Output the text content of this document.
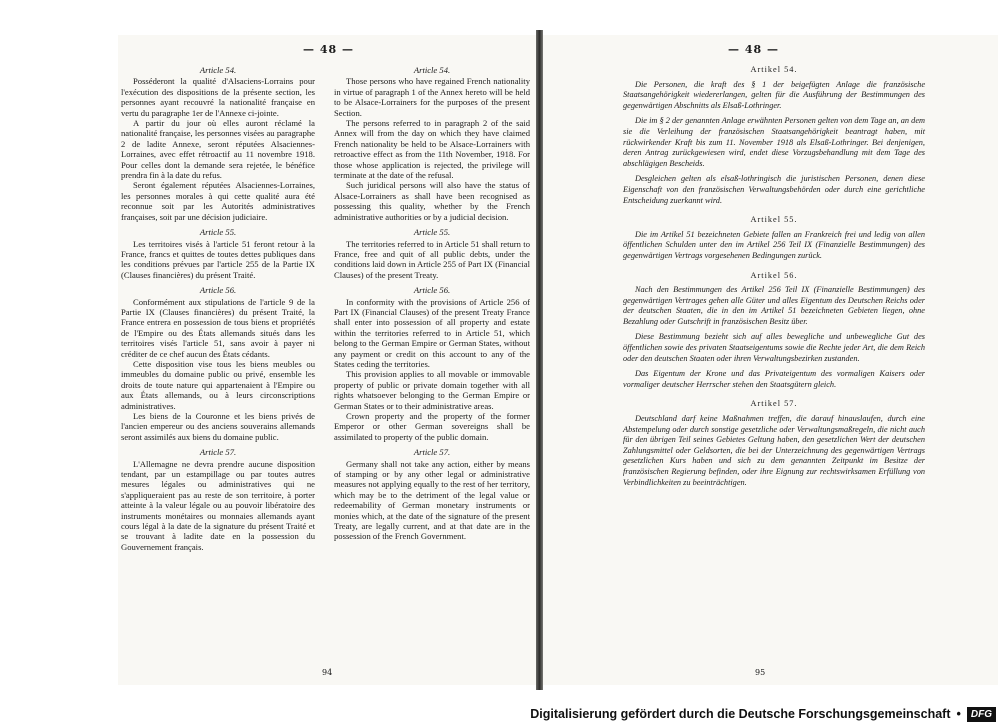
— 48 —

Article 54.

Posséderont la qualité d'Alsaciens-Lorrains pour l'exécution des dispositions de la présente section, les personnes ayant recouvré la nationalité française en vertu du paragraphe 1er de l'Annexe ci-jointe.

A partir du jour où elles auront réclamé la nationalité française, les personnes visées au paragraphe 2 de ladite Annexe, seront réputées Alsaciennes-Lorraines, avec effet rétroactif au 11 novembre 1918. Pour celles dont la demande sera rejetée, le bénéfice prendra fin à la date du refus.

Seront également réputées Alsaciennes-Lorraines, les personnes morales à qui cette qualité aura été reconnue soit par les Autorités administratives françaises, soit par une décision judiciaire.

Article 55.

Les territoires visés à l'article 51 feront retour à la France, francs et quittes de toutes dettes publiques dans les conditions prévues par l'article 255 de la Partie IX (Clauses financières) du présent Traité.

Article 56.

Conformément aux stipulations de l'article 9 de la Partie IX (Clauses financières) du présent Traité, la France entrera en possession de tous biens et propriétés de l'Empire ou des États allemands situés dans les territoires visés l'article 51, sans avoir à payer ni créditer de ce chef aucun des États cédants.

Cette disposition vise tous les biens meubles ou immeubles du domaine public ou privé, ensemble les droits de toute nature qui appartenaient à l'Empire ou aux États allemands, ou à leurs circonscriptions administratives.

Les biens de la Couronne et les biens privés de l'ancien empereur ou des anciens souverains allemands seront assimilés aux biens du domaine public.

Article 57.

L'Allemagne ne devra prendre aucune disposition tendant, par un estampillage ou par toutes autres mesures légales ou administratives qui ne s'appliqueraient pas au reste de son territoire, à porter atteinte à la valeur légale ou au pouvoir libératoire des instruments monétaires ou monnaies allemands ayant cours légal à la date de la signature du présent Traité et se trouvant à ladite date en la possession du Gouvernement français.

Article 54.

Those persons who have regained French nationality in virtue of paragraph 1 of the Annex hereto will be held to be Alsace-Lorrainers for the purposes of the present Section.

The persons referred to in paragraph 2 of the said Annex will from the day on which they have claimed French nationality be held to be Alsace-Lorrainers with retroactive effect as from the 11th November, 1918. For those whose application is rejected, the privilege will terminate at the date of the refusal.

Such juridical persons will also have the status of Alsace-Lorrainers as shall have been recognised as possessing this quality, whether by the French administrative authorities or by a judicial decision.

Article 55.

The territories referred to in Article 51 shall return to France, free and quit of all public debts, under the conditions laid down in Article 255 of Part IX (Financial Clauses) of the present Treaty.

Article 56.

In conformity with the provisions of Article 256 of Part IX (Financial Clauses) of the present Treaty France shall enter into possession of all property and estate within the territories referred to in Article 51, which belong to the German Empire or German States, without any payment or credit on this account to any of the States ceding the territories.

This provision applies to all movable or immovable property of public or private domain together with all rights whatsoever belonging to the German Empire or German States or to their administrative areas.

Crown property and the property of the former Emperor or other German sovereigns shall be assimilated to property of the public domain.

Article 57.

Germany shall not take any action, either by means of stamping or by any other legal or administrative measures not applying equally to the rest of her territory, which may be to the detriment of the legal value or redeemability of German monetary instruments or monies which, at the date of the signature of the present Treaty, are legally current, and at that date are in the possession of the French Government.

94
— 48 —

Artikel 54.

Die Personen, die kraft des § 1 der beigefügten Anlage die französische Staatsangehörigkeit wiedererlangen, gelten für die Ausführung der Bestimmungen des gegenwärtigen Abschnitts als Elsaß-Lothringer.

Die im § 2 der genannten Anlage erwähnten Personen gelten von dem Tage an, an dem sie die Verleihung der französischen Staatsangehörigkeit beantragt haben, mit rückwirkender Kraft bis zum 11. November 1918 als Elsaß-Lothringer. Bei denjenigen, deren Antrag zurückgewiesen wird, endet diese Vorzugsbehandlung mit dem Tage des abschlägigen Bescheids.

Desgleichen gelten als elsaß-lothringisch die juristischen Personen, denen diese Eigenschaft von den französischen Verwaltungsbehörden oder durch eine gerichtliche Entscheidung zuerkannt wird.

Artikel 55.

Die im Artikel 51 bezeichneten Gebiete fallen an Frankreich frei und ledig von allen öffentlichen Schulden unter den im Artikel 256 Teil IX (Finanzielle Bestimmungen) des gegenwärtigen Vertrags vorgesehenen Bedingungen zurück.

Artikel 56.

Nach den Bestimmungen des Artikel 256 Teil IX (Finanzielle Bestimmungen) des gegenwärtigen Vertrages gehen alle Güter und alles Eigentum des Deutschen Reichs oder der deutschen Staaten, die in den im Artikel 51 bezeichneten Gebieten liegen, ohne Bezahlung oder Gutschrift in französischen Besitz über.

Diese Bestimmung bezieht sich auf alles bewegliche und unbewegliche Gut des öffentlichen sowie des privaten Staatseigentums sowie die Rechte jeder Art, die dem Reich oder den deutschen Staaten oder ihren Verwaltungsbezirken zustanden.

Das Eigentum der Krone und das Privateigentum des vormaligen Kaisers oder vormaliger deutscher Herrscher stehen den Staatsgütern gleich.

Artikel 57.

Deutschland darf keine Maßnahmen treffen, die darauf hinauslaufen, durch eine Abstempelung oder durch sonstige gesetzliche oder Verwaltungsmaßregeln, die nicht auch für den übrigen Teil seines Gebietes Geltung haben, den gesetzlichen Wert der deutschen Zahlungsmittel oder Geldsorten, die bei der Unterzeichnung des gegenwärtigen Vertrags gesetzlichen Kurs haben und sich zu dem genannten Zeitpunkt im Besitze der französischen Regierung befinden, oder ihre Eignung zur rechtswirksamen Erfüllung von Verbindlichkeiten zu beeinträchtigen.

95
Digitalisierung gefördert durch die Deutsche Forschungsgemeinschaft •	DFG
